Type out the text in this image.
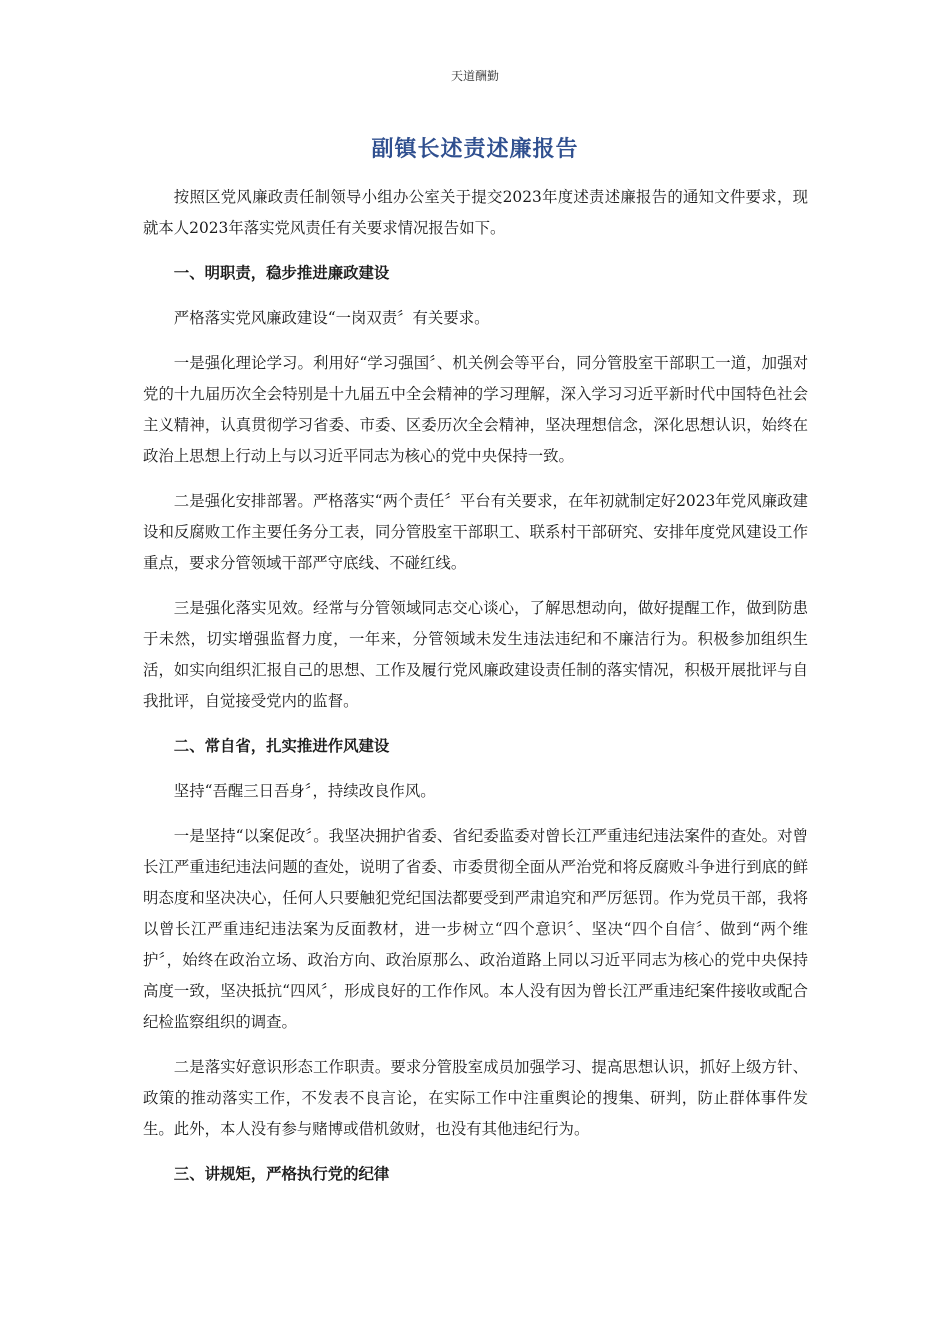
天道酬勤
副镇长述责述廉报告

按照区党风廉政责任制领导小组办公室关于提交2023年度述责述廉报告的通知文件要求，现就本人2023年落实党风责任有关要求情况报告如下。

一、明职责，稳步推进廉政建设

严格落实党风廉政建设“一岗双责〞有关要求。

一是强化理论学习。利用好“学习强国〞、机关例会等平台，同分管股室干部职工一道，加强对党的十九届历次全会特别是十九届五中全会精神的学习理解，深入学习习近平新时代中国特色社会主义精神，认真贯彻学习省委、市委、区委历次全会精神，坚决理想信念，深化思想认识，始终在政治上思想上行动上与以习近平同志为核心的党中央保持一致。

二是强化安排部署。严格落实“两个责任〞平台有关要求，在年初就制定好2023年党风廉政建设和反腐败工作主要任务分工表，同分管股室干部职工、联系村干部研究、安排年度党风建设工作重点，要求分管领域干部严守底线、不碰红线。

三是强化落实见效。经常与分管领域同志交心谈心，了解思想动向，做好提醒工作，做到防患于未然，切实增强监督力度，一年来，分管领域未发生违法违纪和不廉洁行为。积极参加组织生活，如实向组织汇报自己的思想、工作及履行党风廉政建设责任制的落实情况，积极开展批评与自我批评，自觉接受党内的监督。

二、常自省，扎实推进作风建设

坚持“吾醒三日吾身〞，持续改良作风。

一是坚持“以案促改〞。我坚决拥护省委、省纪委监委对曾长江严重违纪违法案件的查处。对曾长江严重违纪违法问题的查处，说明了省委、市委贯彻全面从严治党和将反腐败斗争进行到底的鲜明态度和坚决决心，任何人只要触犯党纪国法都要受到严肃追究和严厉惩罚。作为党员干部，我将以曾长江严重违纪违法案为反面教材，进一步树立“四个意识〞、坚决“四个自信〞、做到“两个维护〞，始终在政治立场、政治方向、政治原那么、政治道路上同以习近平同志为核心的党中央保持高度一致，坚决抵抗“四风〞，形成良好的工作作风。本人没有因为曾长江严重违纪案件接收或配合纪检监察组织的调查。

二是落实好意识形态工作职责。要求分管股室成员加强学习、提高思想认识，抓好上级方针、政策的推动落实工作，不发表不良言论，在实际工作中注重舆论的搜集、研判，防止群体事件发生。此外，本人没有参与赌博或借机敛财，也没有其他违纪行为。

三、讲规矩，严格执行党的纪律
